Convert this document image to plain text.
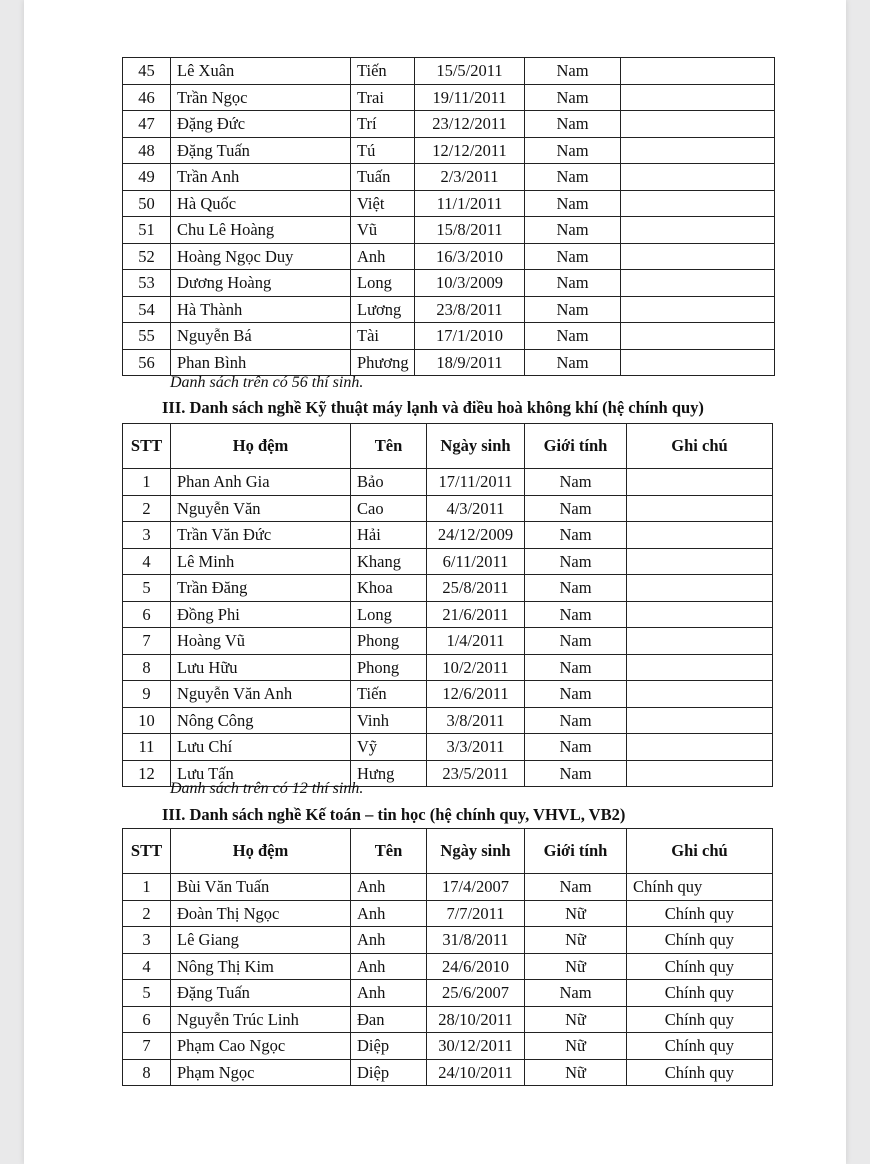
45	Lê Xuân	Tiến	15/5/2011	Nam	
46	Trần Ngọc	Trai	19/11/2011	Nam	
47	Đặng Đức	Trí	23/12/2011	Nam	
48	Đặng Tuấn	Tú	12/12/2011	Nam	
49	Trần Anh	Tuấn	2/3/2011	Nam	
50	Hà Quốc	Việt	11/1/2011	Nam	
51	Chu Lê Hoàng	Vũ	15/8/2011	Nam	
52	Hoàng Ngọc Duy	Anh	16/3/2010	Nam	
53	Dương Hoàng	Long	10/3/2009	Nam	
54	Hà Thành	Lương	23/8/2011	Nam	
55	Nguyễn Bá	Tài	17/1/2010	Nam	
56	Phan Bình	Phương	18/9/2011	Nam	
Danh sách trên có 56 thí sinh.
III. Danh sách nghề Kỹ thuật máy lạnh và điều hoà không khí (hệ chính quy)
STT	Họ đệm	Tên	Ngày sinh	Giới tính	Ghi chú
1	Phan Anh Gia	Bảo	17/11/2011	Nam	
2	Nguyễn Văn	Cao	4/3/2011	Nam	
3	Trần Văn Đức	Hải	24/12/2009	Nam	
4	Lê Minh	Khang	6/11/2011	Nam	
5	Trần Đăng	Khoa	25/8/2011	Nam	
6	Đồng Phi	Long	21/6/2011	Nam	
7	Hoàng Vũ	Phong	1/4/2011	Nam	
8	Lưu Hữu	Phong	10/2/2011	Nam	
9	Nguyễn Văn Anh	Tiến	12/6/2011	Nam	
10	Nông Công	Vinh	3/8/2011	Nam	
11	Lưu Chí	Vỹ	3/3/2011	Nam	
12	Lưu Tấn	Hưng	23/5/2011	Nam	
Danh sách trên có 12 thí sinh.
III. Danh sách nghề Kế toán – tin học (hệ chính quy, VHVL, VB2)
STT	Họ đệm	Tên	Ngày sinh	Giới tính	Ghi chú
1	Bùi Văn Tuấn	Anh	17/4/2007	Nam	Chính quy
2	Đoàn Thị Ngọc	Anh	7/7/2011	Nữ	Chính quy
3	Lê Giang	Anh	31/8/2011	Nữ	Chính quy
4	Nông Thị Kim	Anh	24/6/2010	Nữ	Chính quy
5	Đặng Tuấn	Anh	25/6/2007	Nam	Chính quy
6	Nguyễn Trúc Linh	Đan	28/10/2011	Nữ	Chính quy
7	Phạm Cao Ngọc	Diệp	30/12/2011	Nữ	Chính quy
8	Phạm Ngọc	Diệp	24/10/2011	Nữ	Chính quy
